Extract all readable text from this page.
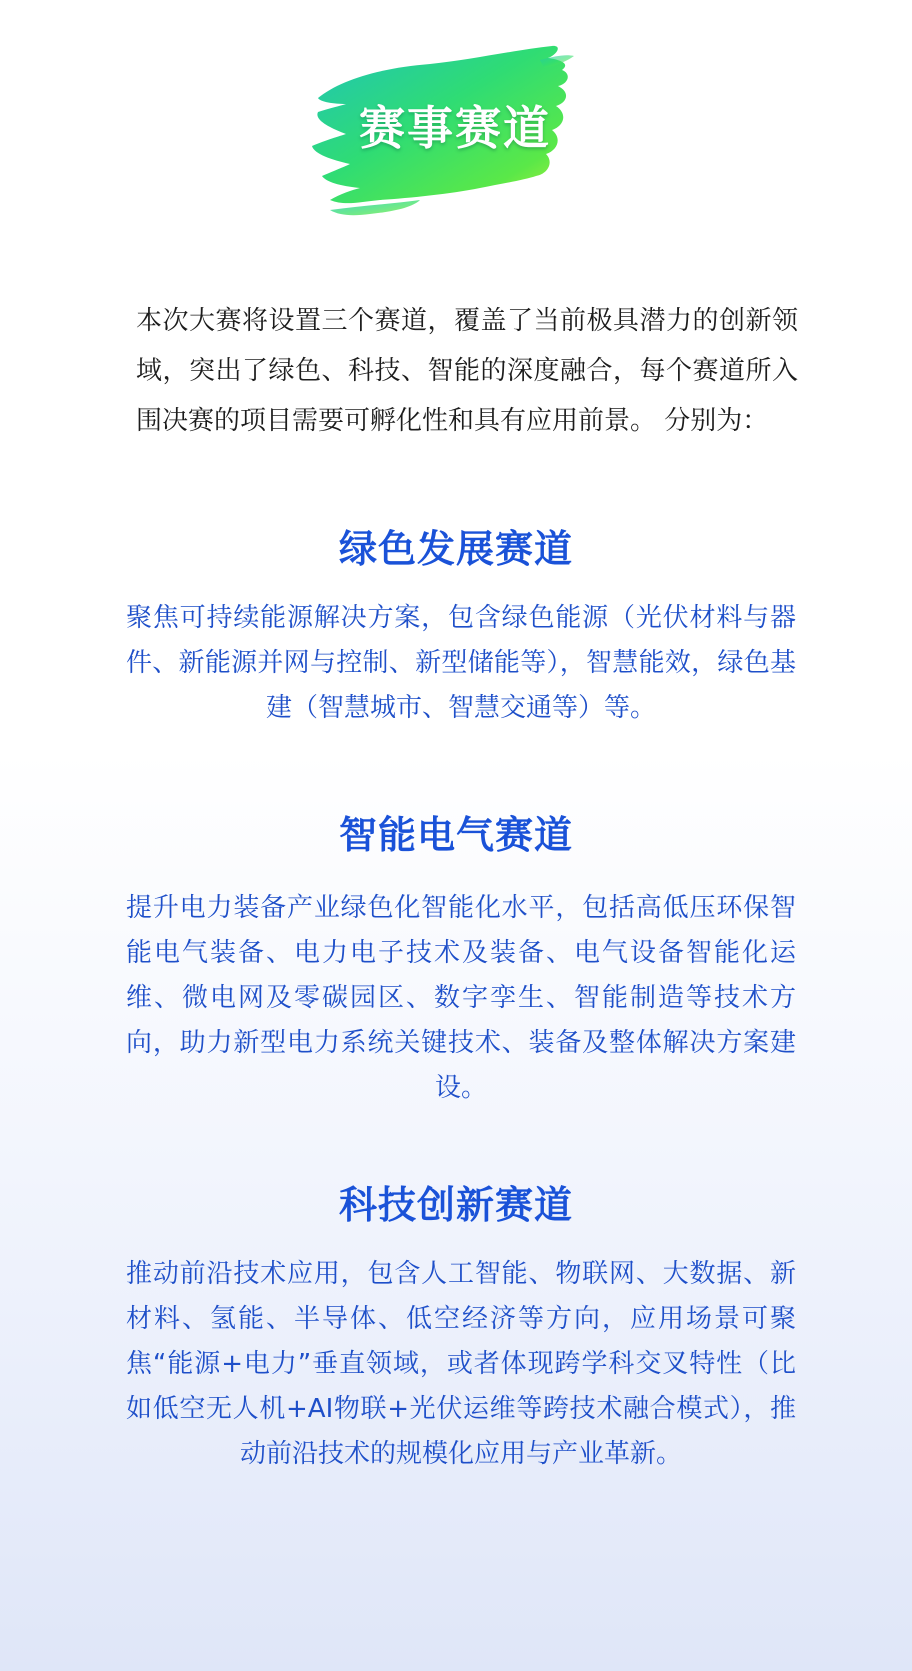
赛事赛道

本次大赛将设置三个赛道，覆盖了当前极具潜力的创新领域，突出了绿色、科技、智能的深度融合，每个赛道所入围决赛的项目需要可孵化性和具有应用前景。 分别为：

绿色发展赛道

聚焦可持续能源解决方案，包含绿色能源（光伏材料与器件、新能源并网与控制、新型储能等），智慧能效，绿色基建（智慧城市、智慧交通等）等。

智能电气赛道

提升电力装备产业绿色化智能化水平，包括高低压环保智能电气装备、电力电子技术及装备、电气设备智能化运维、微电网及零碳园区、数字孪生、智能制造等技术方向，助力新型电力系统关键技术、装备及整体解决方案建设。

科技创新赛道

推动前沿技术应用，包含人工智能、物联网、大数据、新材料、氢能、半导体、低空经济等方向，应用场景可聚焦“能源+电力”垂直领域，或者体现跨学科交叉特性（比如低空无人机+AI物联+光伏运维等跨技术融合模式），推动前沿技术的规模化应用与产业革新。
